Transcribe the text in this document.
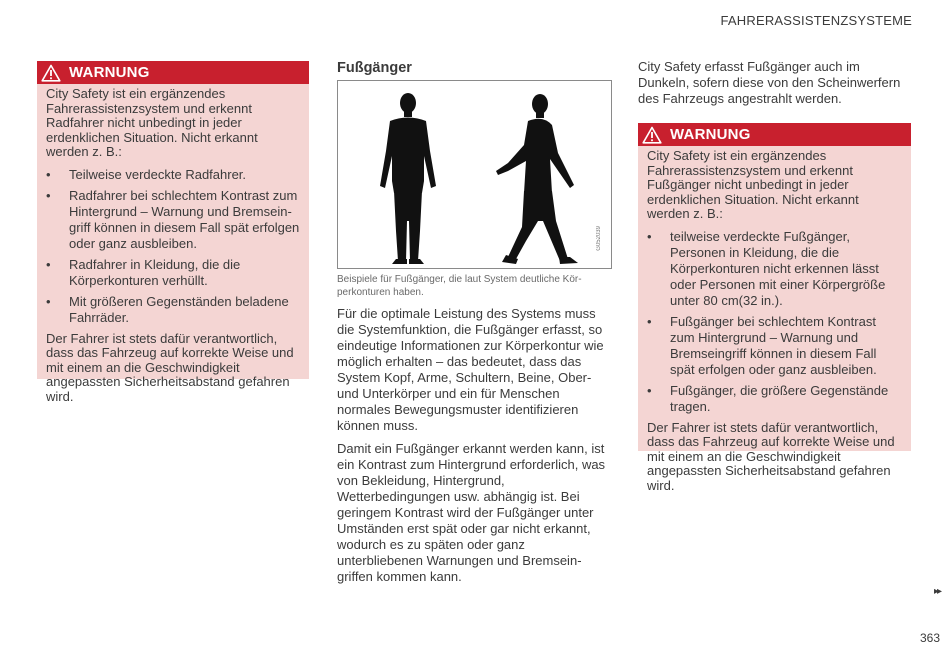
FAHRERASSISTENZSYSTEME
WARNUNG

City Safety ist ein ergänzendes Fahrerassistenzsystem und erkennt Radfahrer nicht unbedingt in jeder erdenklichen Situation. Nicht erkannt werden z. B.:

• Teilweise verdeckte Radfahrer.
• Radfahrer bei schlechtem Kontrast zum Hintergrund – Warnung und Bremseingriff können in diesem Fall spät erfolgen oder ganz ausbleiben.
• Radfahrer in Kleidung, die die Körperkonturen verhüllt.
• Mit größeren Gegenständen beladene Fahrräder.

Der Fahrer ist stets dafür verantwortlich, dass das Fahrzeug auf korrekte Weise und mit einem an die Geschwindigkeit angepassten Sicherheitsabstand gefahren wird.

Fußgänger
G052039
Beispiele für Fußgänger, die laut System deutliche Körperkonturen haben.

Für die optimale Leistung des Systems muss die Systemfunktion, die Fußgänger erfasst, so eindeutige Informationen zur Körperkontur wie möglich erhalten – das bedeutet, dass das System Kopf, Arme, Schultern, Beine, Ober- und Unterkörper und ein für Menschen normales Bewegungsmuster identifizieren können muss.

Damit ein Fußgänger erkannt werden kann, ist ein Kontrast zum Hintergrund erforderlich, was von Bekleidung, Hintergrund, Wetterbedingungen usw. abhängig ist. Bei geringem Kontrast wird der Fußgänger unter Umständen erst spät oder gar nicht erkannt, wodurch es zu späten oder ganz unterbliebenen Warnungen und Bremseingriffen kommen kann.

City Safety erfasst Fußgänger auch im Dunkeln, sofern diese von den Scheinwerfern des Fahrzeugs angestrahlt werden.

WARNUNG

City Safety ist ein ergänzendes Fahrerassistenzsystem und erkennt Fußgänger nicht unbedingt in jeder erdenklichen Situation. Nicht erkannt werden z. B.:

• teilweise verdeckte Fußgänger, Personen in Kleidung, die die Körperkonturen nicht erkennen lässt oder Personen mit einer Körpergröße unter 80 cm(32 in.).
• Fußgänger bei schlechtem Kontrast zum Hintergrund – Warnung und Bremseingriff können in diesem Fall spät erfolgen oder ganz ausbleiben.
• Fußgänger, die größere Gegenstände tragen.

Der Fahrer ist stets dafür verantwortlich, dass das Fahrzeug auf korrekte Weise und mit einem an die Geschwindigkeit angepassten Sicherheitsabstand gefahren wird.

▸▸
363
